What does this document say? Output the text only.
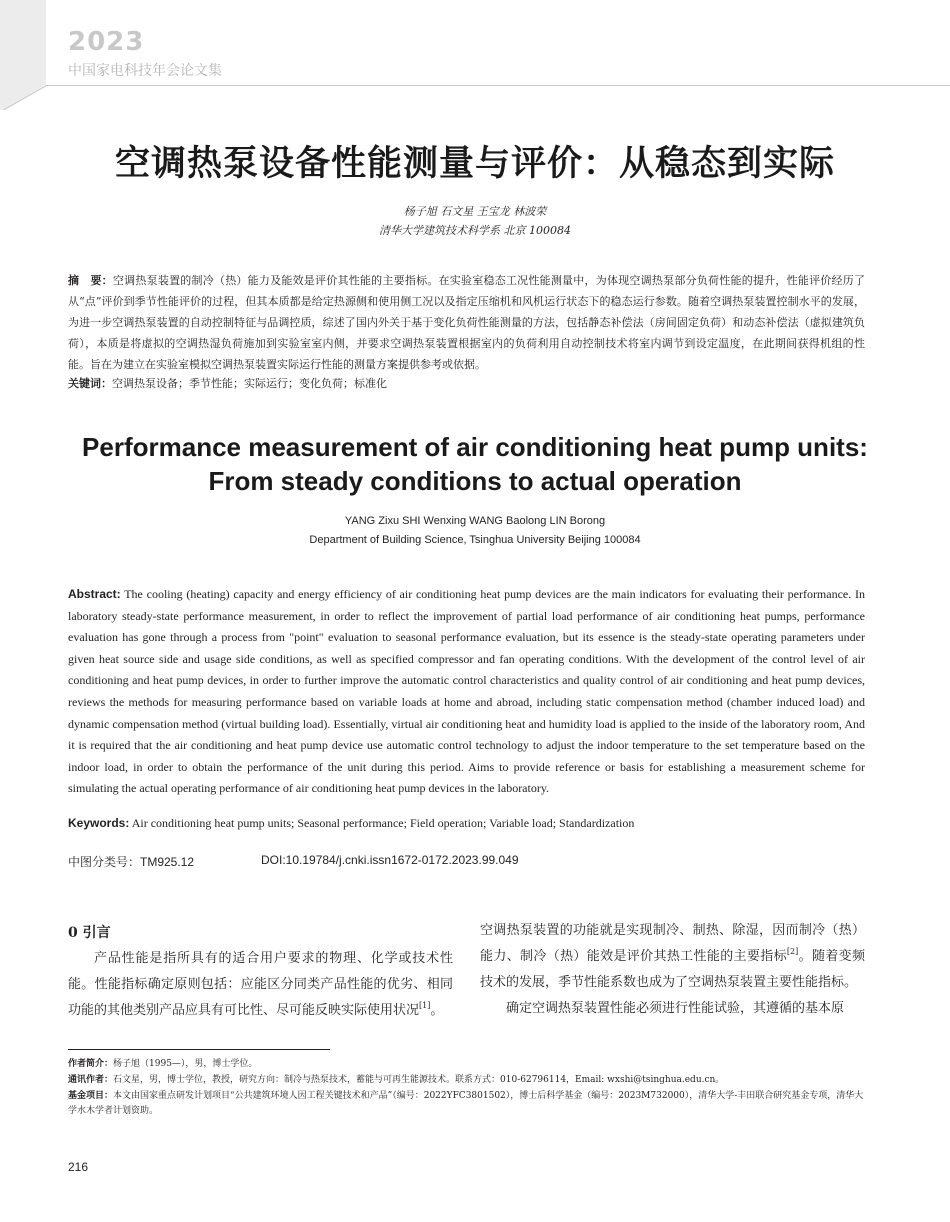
2023
中国家电科技年会论文集
空调热泵设备性能测量与评价：从稳态到实际
杨子旭 石文星 王宝龙 林波荣
清华大学建筑技术科学系 北京 100084
摘　要：空调热泵装置的制冷（热）能力及能效是评价其性能的主要指标。在实验室稳态工况性能测量中，为体现空调热泵部分负荷性能的提升，性能评价经历了从“点”评价到季节性能评价的过程，但其本质都是给定热源侧和使用侧工况以及指定压缩机和风机运行状态下的稳态运行参数。随着空调热泵装置控制水平的发展，为进一步空调热泵装置的自动控制特征与品调控质，综述了国内外关于基于变化负荷性能测量的方法，包括静态补偿法（房间固定负荷）和动态补偿法（虚拟建筑负荷），本质是将虚拟的空调热湿负荷施加到实验室室内侧，并要求空调热泵装置根据室内的负荷利用自动控制技术将室内调节到设定温度，在此期间获得机组的性能。旨在为建立在实验室模拟空调热泵装置实际运行性能的测量方案提供参考或依据。
关键词：空调热泵设备；季节性能；实际运行；变化负荷；标准化
Performance measurement of air conditioning heat pump units: From steady conditions to actual operation
YANG Zixu SHI Wenxing WANG Baolong LIN Borong
Department of Building Science, Tsinghua University Beijing 100084
Abstract: The cooling (heating) capacity and energy efficiency of air conditioning heat pump devices are the main indicators for evaluating their performance. In laboratory steady-state performance measurement, in order to reflect the improvement of partial load performance of air conditioning heat pumps, performance evaluation has gone through a process from "point" evaluation to seasonal performance evaluation, but its essence is the steady-state operating parameters under given heat source side and usage side conditions, as well as specified compressor and fan operating conditions. With the development of the control level of air conditioning and heat pump devices, in order to further improve the automatic control characteristics and quality control of air conditioning and heat pump devices, reviews the methods for measuring performance based on variable loads at home and abroad, including static compensation method (chamber induced load) and dynamic compensation method (virtual building load). Essentially, virtual air conditioning heat and humidity load is applied to the inside of the laboratory room, And it is required that the air conditioning and heat pump device use automatic control technology to adjust the indoor temperature to the set temperature based on the indoor load, in order to obtain the performance of the unit during this period. Aims to provide reference or basis for establishing a measurement scheme for simulating the actual operating performance of air conditioning heat pump devices in the laboratory.
Keywords: Air conditioning heat pump units; Seasonal performance; Field operation; Variable load; Standardization
中图分类号：TM925.12	DOI:10.19784/j.cnki.issn1672-0172.2023.99.049
0 引言

产品性能是指所具有的适合用户要求的物理、化学或技术性能。性能指标确定原则包括：应能区分同类产品性能的优劣、相同功能的其他类别产品应具有可比性、尽可能反映实际使用状况[1]。

空调热泵装置的功能就是实现制冷、制热、除湿，因而制冷（热）能力、制冷（热）能效是评价其热工性能的主要指标[2]。随着变频技术的发展，季节性能系数也成为了空调热泵装置主要性能指标。

确定空调热泵装置性能必须进行性能试验，其遵循的基本原

作者简介：杨子旭（1995—），男，博士学位。
通讯作者：石文星，男，博士学位，教授，研究方向：制冷与热泵技术，蓄能与可再生能源技术。联系方式：010-62796114，Email: wxshi@tsinghua.edu.cn。
基金项目：本文由国家重点研发计划项目“公共建筑环境人因工程关键技术和产品”（编号：2022YFC3801502），博士后科学基金（编号：2023M732000），清华大学-丰田联合研究基金专项，清华大学水木学者计划资助。
216
